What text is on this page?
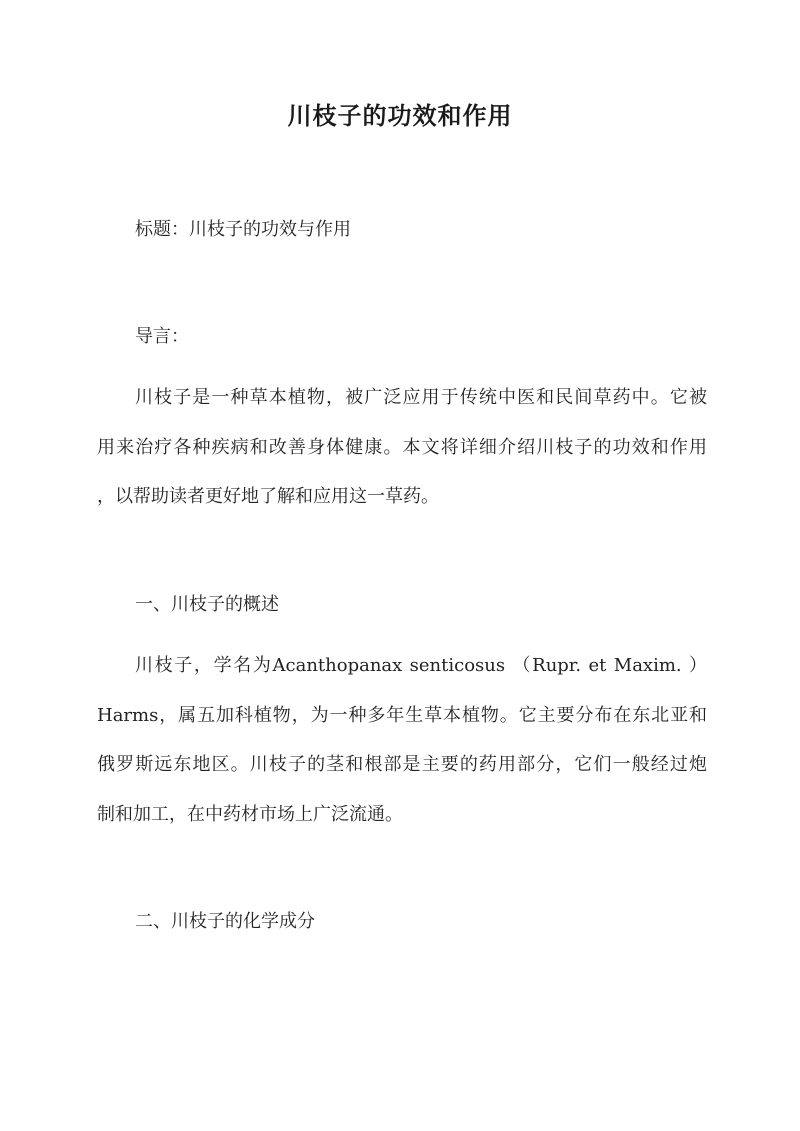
川枝子的功效和作用
标题：川枝子的功效与作用
导言：
川枝子是一种草本植物，被广泛应用于传统中医和民间草药中。它被
用来治疗各种疾病和改善身体健康。本文将详细介绍川枝子的功效和作用
，以帮助读者更好地了解和应用这一草药。
一、川枝子的概述
川枝子，学名为Acanthopanax senticosus （Rupr. et Maxim. ）
Harms，属五加科植物，为一种多年生草本植物。它主要分布在东北亚和
俄罗斯远东地区。川枝子的茎和根部是主要的药用部分，它们一般经过炮
制和加工，在中药材市场上广泛流通。
二、川枝子的化学成分
